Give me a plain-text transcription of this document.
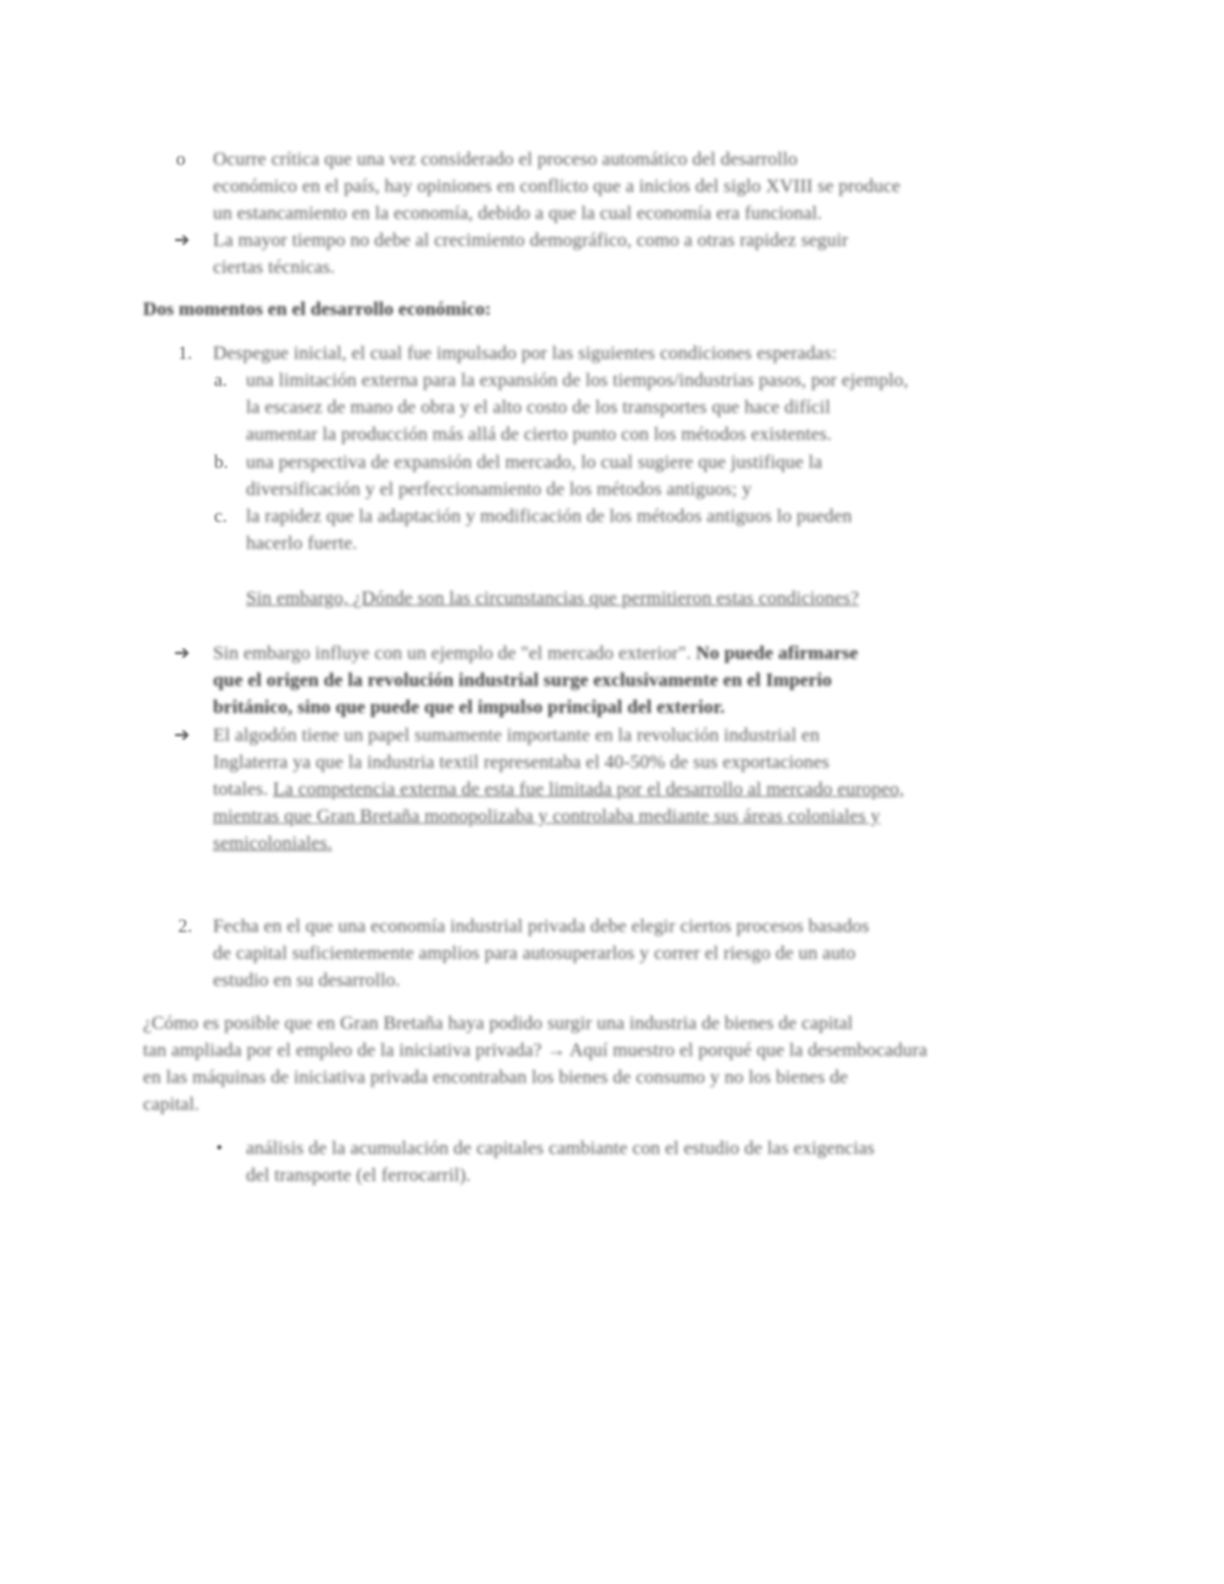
o Ocurre crítica que una vez considerado el proceso automático del desarrollo
económico en el país, hay opiniones en conflicto que a inicios del siglo XVIII se produce
un estancamiento en la economía, debido a que la cual economía era funcional.
➔ La mayor tiempo no debe al crecimiento demográfico, como a otras rapidez seguir
ciertas técnicas.
Dos momentos en el desarrollo económico:
1. Despegue inicial, el cual fue impulsado por las siguientes condiciones esperadas:
a. una limitación externa para la expansión de los tiempos/industrias pasos, por ejemplo,
la escasez de mano de obra y el alto costo de los transportes que hace difícil
aumentar la producción más allá de cierto punto con los métodos existentes.
b. una perspectiva de expansión del mercado, lo cual sugiere que justifique la
diversificación y el perfeccionamiento de los métodos antiguos; y
c. la rapidez que la adaptación y modificación de los métodos antiguos lo pueden
hacerlo fuerte.
Sin embargo, ¿Dónde son las circunstancias que permitieron estas condiciones?
➔ Sin embargo influye con un ejemplo de "el mercado exterior". No puede afirmarse
que el origen de la revolución industrial surge exclusivamente en el Imperio
británico, sino que puede que el impulso principal del exterior.
➔ El algodón tiene un papel sumamente importante en la revolución industrial en
Inglaterra ya que la industria textil representaba el 40-50% de sus exportaciones
totales. La competencia externa de esta fue limitada por el desarrollo al mercado europeo,
mientras que Gran Bretaña monopolizaba y controlaba mediante sus áreas coloniales y
semicoloniales.
2. Fecha en el que una economía industrial privada debe elegir ciertos procesos basados
de capital suficientemente amplios para autosuperarlos y correr el riesgo de un auto
estudio en su desarrollo.
¿Cómo es posible que en Gran Bretaña haya podido surgir una industria de bienes de capital
tan ampliada por el empleo de la iniciativa privada? → Aquí muestro el porqué que la desembocadura
en las máquinas de iniciativa privada encontraban los bienes de consumo y no los bienes de
capital.
• análisis de la acumulación de capitales cambiante con el estudio de las exigencias
del transporte (el ferrocarril).
